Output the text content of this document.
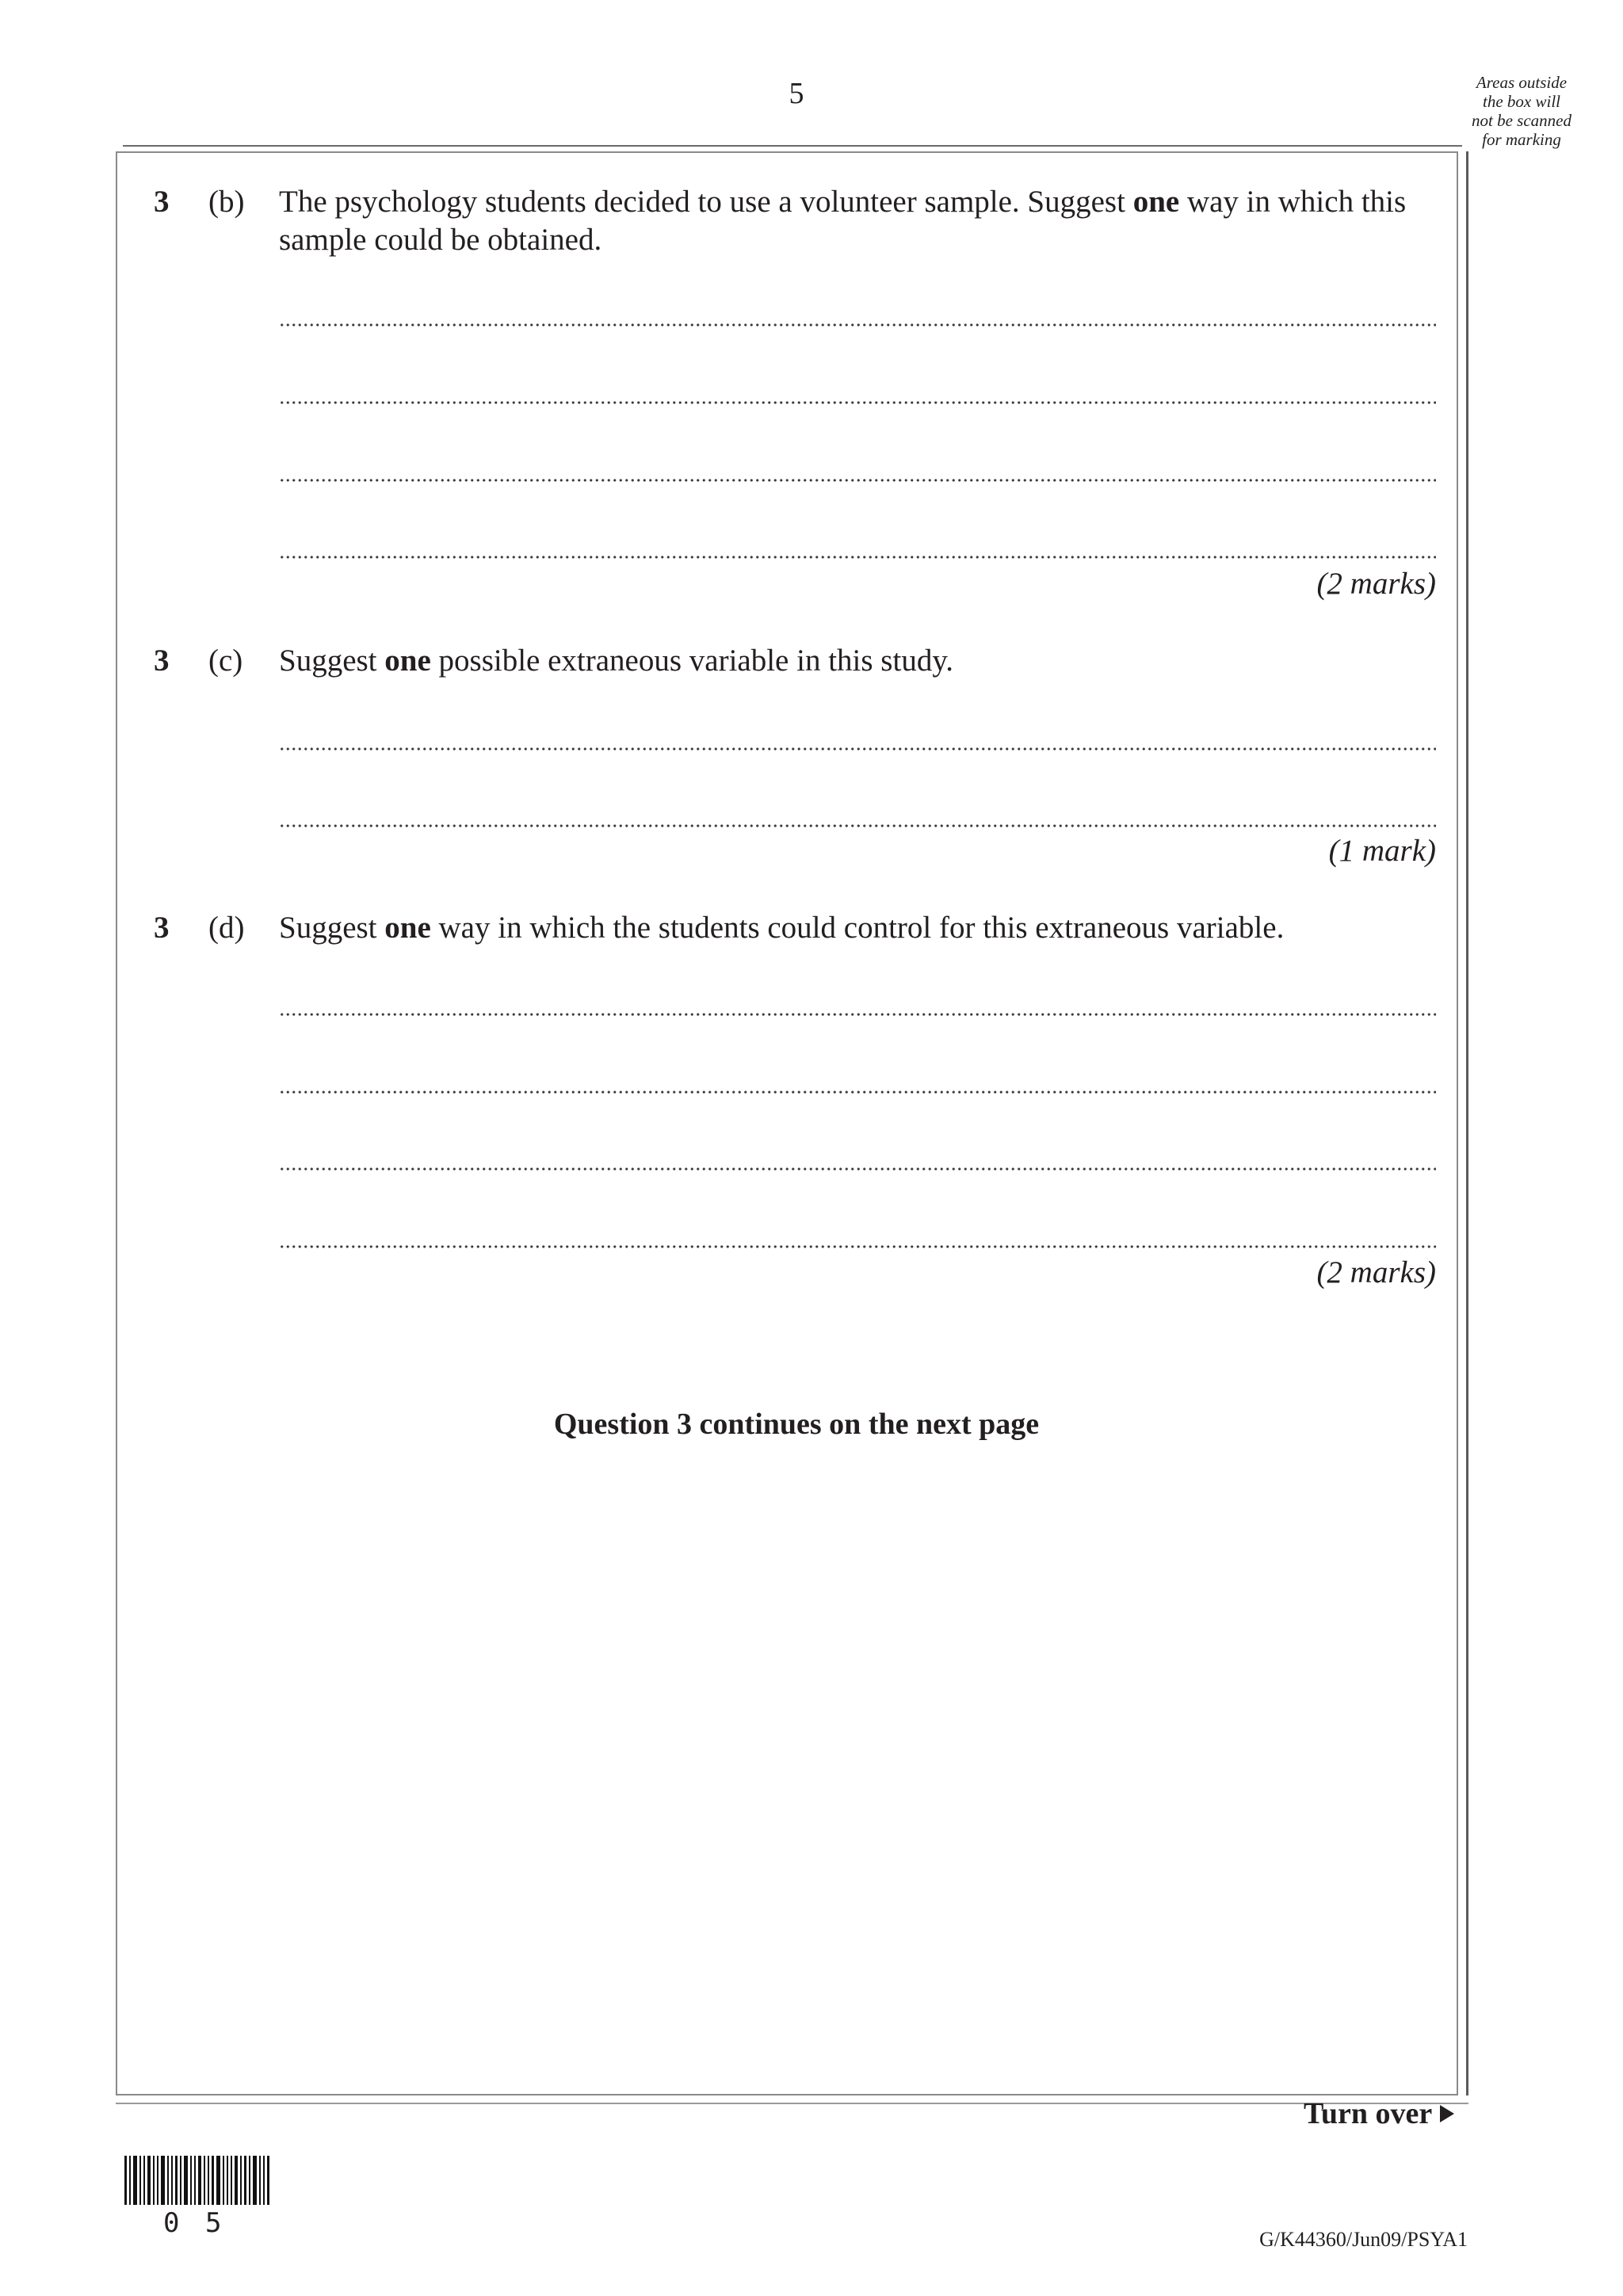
5	Areas outside
the box will
not be scanned
for marking
3 (b) The psychology students decided to use a volunteer sample. Suggest one way in which this sample could be obtained.
(2 marks)
3 (c) Suggest one possible extraneous variable in this study.
(1 mark)
3 (d) Suggest one way in which the students could control for this extraneous variable.
(2 marks)
Question 3 continues on the next page
Turn over
0 5
G/K44360/Jun09/PSYA1
